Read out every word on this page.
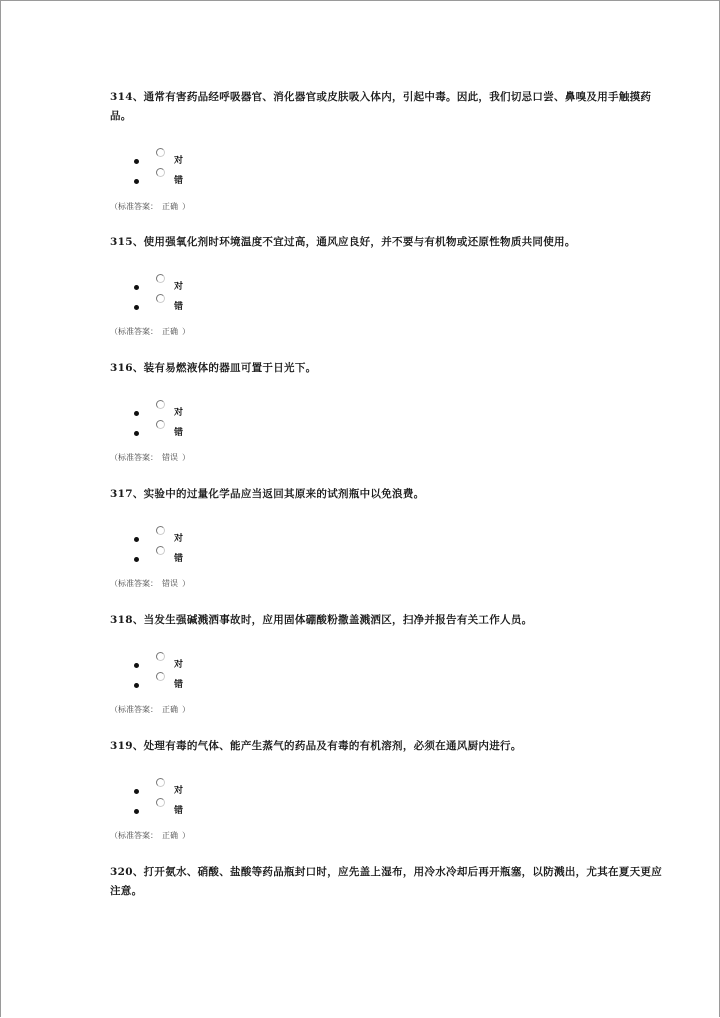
314、通常有害药品经呼吸器官、消化器官或皮肤吸入体内，引起中毒。因此，我们切忌口尝、鼻嗅及用手触摸药品。

对
错
（标准答案： 正确 ）

315、使用强氧化剂时环境温度不宜过高，通风应良好，并不要与有机物或还原性物质共同使用。

对
错
（标准答案： 正确 ）

316、装有易燃液体的器皿可置于日光下。

对
错
（标准答案： 错误 ）

317、实验中的过量化学品应当返回其原来的试剂瓶中以免浪费。

对
错
（标准答案： 错误 ）

318、当发生强碱溅洒事故时，应用固体硼酸粉撒盖溅洒区，扫净并报告有关工作人员。

对
错
（标准答案： 正确 ）

319、处理有毒的气体、能产生蒸气的药品及有毒的有机溶剂，必须在通风厨内进行。

对
错
（标准答案： 正确 ）

320、打开氨水、硝酸、盐酸等药品瓶封口时，应先盖上湿布，用冷水冷却后再开瓶塞，以防溅出，尤其在夏天更应注意。
